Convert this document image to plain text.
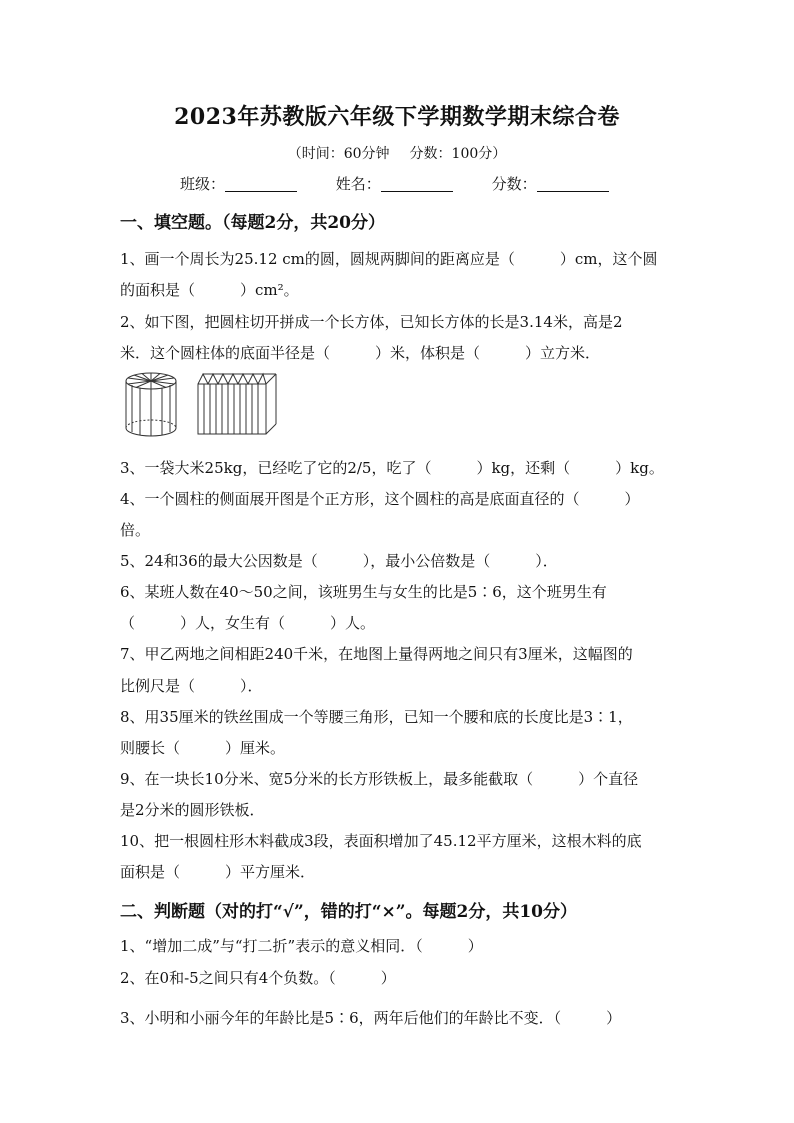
2023年苏教版六年级下学期数学期末综合卷
（时间：60分钟 分数：100分）
班级：	姓名：	分数：
一、填空题。（每题2分，共20分）
1、画一个周长为25.12 cm的圆，圆规两脚间的距离应是（　　　）cm，这个圆
的面积是（　　　）cm²。
2、如下图，把圆柱切开拼成一个长方体，已知长方体的长是3.14米，高是2
米．这个圆柱体的底面半径是（　　　）米，体积是（　　　）立方米．
3、一袋大米25kg，已经吃了它的2/5，吃了（　　　）kg，还剩（　　　）kg。
4、一个圆柱的侧面展开图是个正方形，这个圆柱的高是底面直径的（　　　）
倍。
5、24和36的最大公因数是（　　　），最小公倍数是（　　　）．
6、某班人数在40～50之间，该班男生与女生的比是5∶6，这个班男生有
（　　　）人，女生有（　　　）人。
7、甲乙两地之间相距240千米，在地图上量得两地之间只有3厘米，这幅图的
比例尺是（　　　）．
8、用35厘米的铁丝围成一个等腰三角形，已知一个腰和底的长度比是3∶1，
则腰长（　　　）厘米。
9、在一块长10分米、宽5分米的长方形铁板上，最多能截取（　　　）个直径
是2分米的圆形铁板．
10、把一根圆柱形木料截成3段，表面积增加了45.12平方厘米，这根木料的底
面积是（　　　）平方厘米．
二、判断题（对的打“√”，错的打“×”。每题2分，共10分）
1、“增加二成”与“打二折”表示的意义相同．（　　　）
2、在0和-5之间只有4个负数。（　　　）
3、小明和小丽今年的年龄比是5∶6，两年后他们的年龄比不变．（　　　）
